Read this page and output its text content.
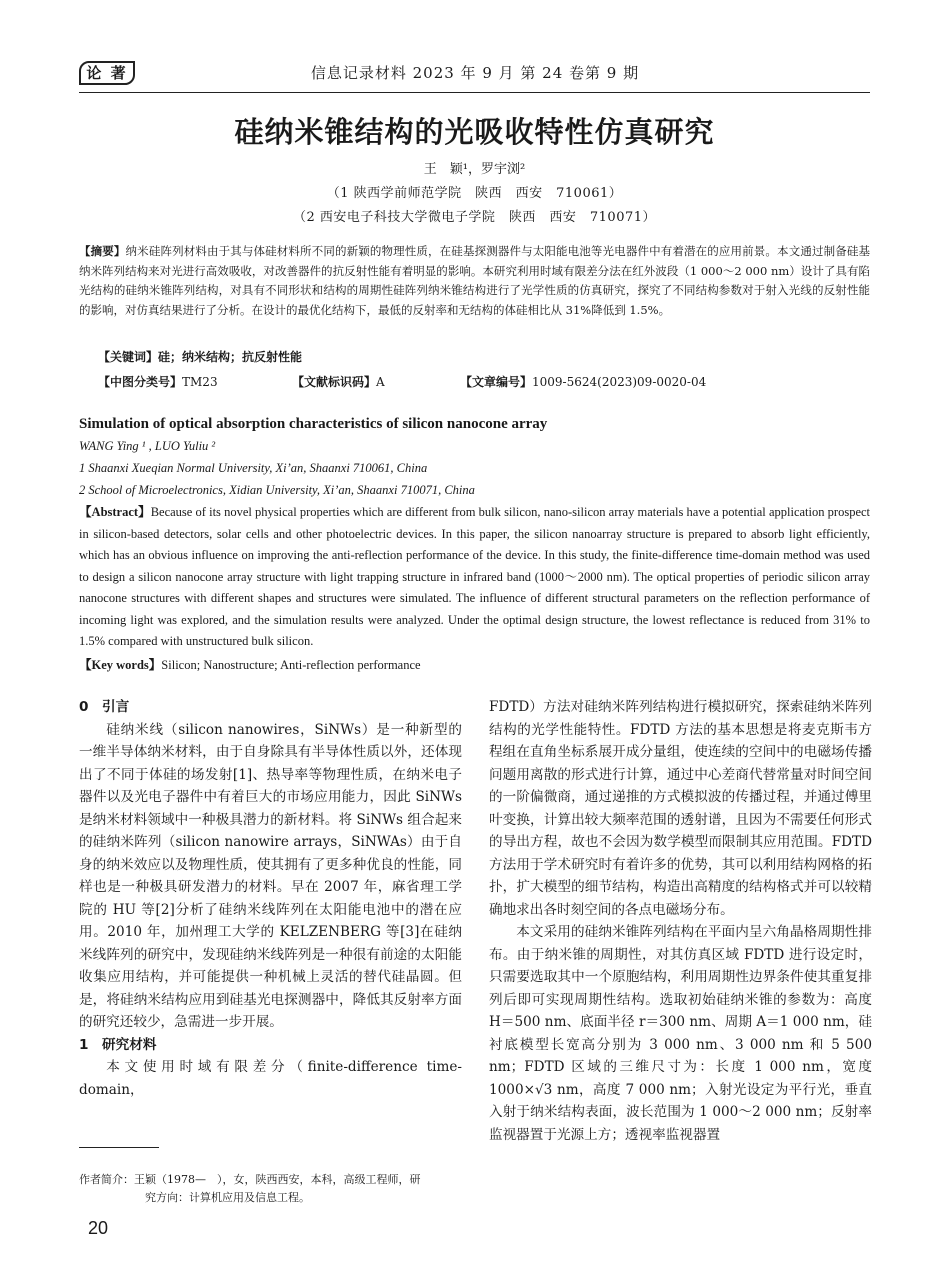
论 著	信息记录材料 2023 年 9 月 第 24 卷第 9 期
硅纳米锥结构的光吸收特性仿真研究
王　颖¹，罗宇浏²
（1 陕西学前师范学院　陕西　西安　710061）
（2 西安电子科技大学微电子学院　陕西　西安　710071）
【摘要】纳米硅阵列材料由于其与体硅材料所不同的新颖的物理性质，在硅基探测器件与太阳能电池等光电器件中有着潜在的应用前景。本文通过制备硅基纳米阵列结构来对光进行高效吸收，对改善器件的抗反射性能有着明显的影响。本研究利用时域有限差分法在红外波段（1 000～2 000 nm）设计了具有陷光结构的硅纳米锥阵列结构，对具有不同形状和结构的周期性硅阵列纳米锥结构进行了光学性质的仿真研究，探究了不同结构参数对于射入光线的反射性能的影响，对仿真结果进行了分析。在设计的最优化结构下，最低的反射率和无结构的体硅相比从 31%降低到 1.5%。
【关键词】硅；纳米结构；抗反射性能
【中图分类号】TM23	【文献标识码】A	【文章编号】1009-5624(2023)09-0020-04
Simulation of optical absorption characteristics of silicon nanocone array
WANG Ying ¹ , LUO Yuliu ²
1 Shaanxi Xueqian Normal University, Xi’an, Shaanxi 710061, China
2 School of Microelectronics, Xidian University, Xi’an, Shaanxi 710071, China
【Abstract】Because of its novel physical properties which are different from bulk silicon, nano-silicon array materials have a potential application prospect in silicon-based detectors, solar cells and other photoelectric devices. In this paper, the silicon nanoarray structure is prepared to absorb light efficiently, which has an obvious influence on improving the anti-reflection performance of the device. In this study, the finite-difference time-domain method was used to design a silicon nanocone array structure with light trapping structure in infrared band (1000～2000 nm). The optical properties of periodic silicon array nanocone structures with different shapes and structures were simulated. The influence of different structural parameters on the reflection performance of incoming light was explored, and the simulation results were analyzed. Under the optimal design structure, the lowest reflectance is reduced from 31% to 1.5% compared with unstructured bulk silicon.
【Key words】Silicon; Nanostructure; Anti-reflection performance
0　引言

硅纳米线（silicon nanowires，SiNWs）是一种新型的一维半导体纳米材料，由于自身除具有半导体性质以外，还体现出了不同于体硅的场发射[1]、热导率等物理性质，在纳米电子器件以及光电子器件中有着巨大的市场应用能力，因此 SiNWs 是纳米材料领域中一种极具潜力的新材料。将 SiNWs 组合起来的硅纳米阵列（silicon nanowire arrays，SiNWAs）由于自身的纳米效应以及物理性质，使其拥有了更多种优良的性能，同样也是一种极具研发潜力的材料。早在 2007 年，麻省理工学院的 HU 等[2]分析了硅纳米线阵列在太阳能电池中的潜在应用。2010 年，加州理工大学的 KELZENBERG 等[3]在硅纳米线阵列的研究中，发现硅纳米线阵列是一种很有前途的太阳能收集应用结构，并可能提供一种机械上灵活的替代硅晶圆。但是，将硅纳米结构应用到硅基光电探测器中，降低其反射率方面的研究还较少，急需进一步开展。

1　研究材料

本文使用时域有限差分（finite-difference time-domain，

FDTD）方法对硅纳米阵列结构进行模拟研究，探索硅纳米阵列结构的光学性能特性。FDTD 方法的基本思想是将麦克斯韦方程组在直角坐标系展开成分量组，使连续的空间中的电磁场传播问题用离散的形式进行计算，通过中心差商代替常量对时间空间的一阶偏微商，通过递推的方式模拟波的传播过程，并通过傅里叶变换，计算出较大频率范围的透射谱，且因为不需要任何形式的导出方程，故也不会因为数学模型而限制其应用范围。FDTD 方法用于学术研究时有着许多的优势，其可以利用结构网格的拓扑，扩大模型的细节结构，构造出高精度的结构格式并可以较精确地求出各时刻空间的各点电磁场分布。

本文采用的硅纳米锥阵列结构在平面内呈六角晶格周期性排布。由于纳米锥的周期性，对其仿真区域 FDTD 进行设定时，只需要选取其中一个原胞结构，利用周期性边界条件使其重复排列后即可实现周期性结构。选取初始硅纳米锥的参数为：高度 H＝500 nm、底面半径 r＝300 nm、周期 A＝1 000 nm，硅衬底模型长宽高分别为 3 000 nm、3 000 nm 和 5 500 nm；FDTD 区域的三维尺寸为：长度 1 000 nm，宽度 1000×√3 nm，高度 7 000 nm；入射光设定为平行光，垂直入射于纳米结构表面，波长范围为 1 000～2 000 nm；反射率监视器置于光源上方；透视率监视器置

作者简介：王颖（1978—　），女，陕西西安，本科，高级工程师，研
究方向：计算机应用及信息工程。
20
